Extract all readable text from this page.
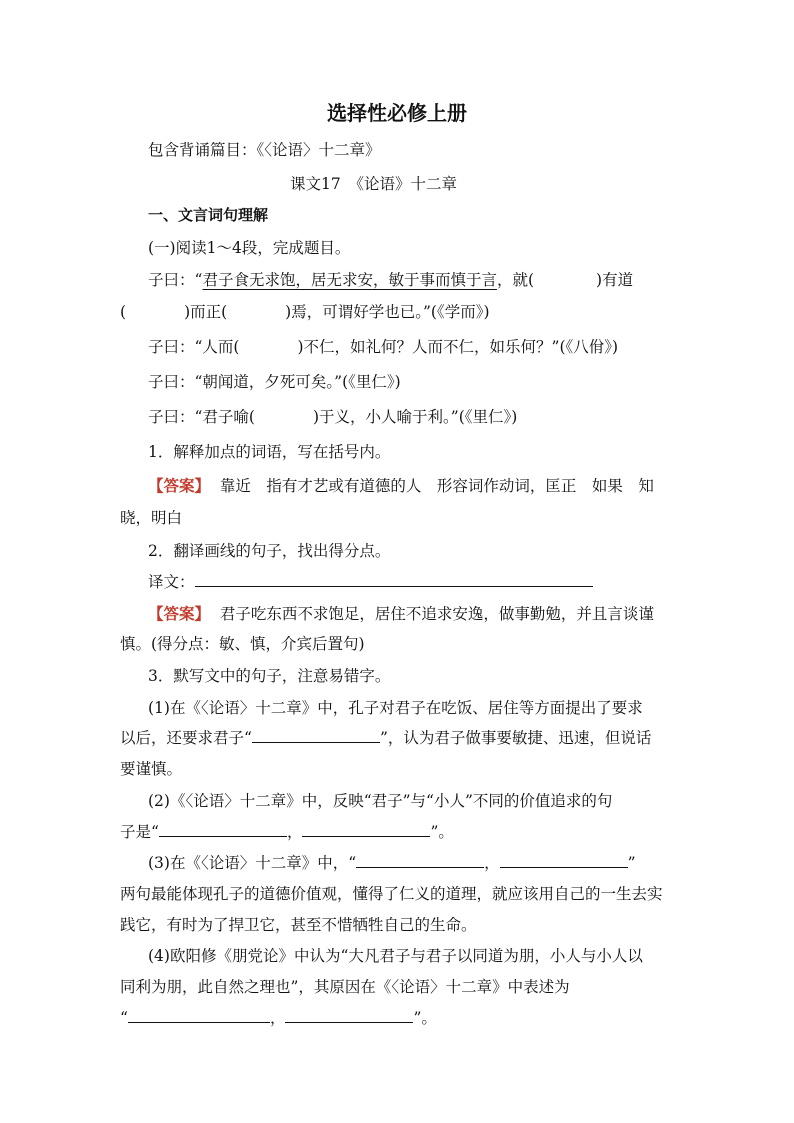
选择性必修上册
包含背诵篇目：《〈论语〉十二章》
课文17　《论语》十二章
一、文言词句理解
(一)阅读1～4段，完成题目。
子曰：“君子食无求饱，居无求安，敏于事而慎于言，就(	)有道
(	)而正(	)焉，可谓好学也已。”(《学而》)
子曰：“人而(	)不仁，如礼何？人而不仁，如乐何？”(《八佾》)
子曰：“朝闻道，夕死可矣。”(《里仁》)
子曰：“君子喻(	)于义，小人喻于利。”(《里仁》)
1．解释加点的词语，写在括号内。
【答案】 靠近　指有才艺或有道德的人　形容词作动词，匡正　如果　知
晓，明白
2．翻译画线的句子，找出得分点。
译文：
【答案】 君子吃东西不求饱足，居住不追求安逸，做事勤勉，并且言谈谨
慎。(得分点：敏、慎，介宾后置句)
3．默写文中的句子，注意易错字。
(1)在《〈论语〉十二章》中，孔子对君子在吃饭、居住等方面提出了要求
以后，还要求君子“	”，认为君子做事要敏捷、迅速，但说话
要谨慎。
(2)《〈论语〉十二章》中，反映“君子”与“小人”不同的价值追求的句
子是“	，	”。
(3)在《〈论语〉十二章》中，“	，	”
两句最能体现孔子的道德价值观，懂得了仁义的道理，就应该用自己的一生去实
践它，有时为了捍卫它，甚至不惜牺牲自己的生命。
(4)欧阳修《朋党论》中认为“大凡君子与君子以同道为朋，小人与小人以
同利为朋，此自然之理也”，其原因在《〈论语〉十二章》中表述为
“	，	”。
